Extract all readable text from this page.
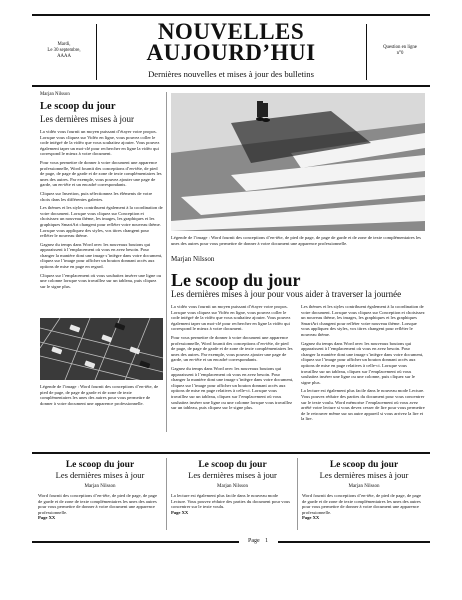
Mardi,
Le 30 septembre,
AAAA
NOUVELLES
AUJOURD’HUI
Dernières nouvelles et mises à jour des bulletins
Question en ligne
n°0
Marjan Nilsson
Le scoop du jour
Les dernières mises à jour
La vidéo vous fournit un moyen puissant d’étayer votre propos. Lorsque vous cliquez sur Vidéo en ligne, vous pouvez coller le code intégré de la vidéo que vous souhaitez ajouter. Vous pouvez également taper un mot-clé pour rechercher en ligne la vidéo qui correspond le mieux à votre document.
Pour vous permettre de donner à votre document une apparence professionnelle, Word fournit des conceptions d’en-tête, de pied de page, de page de garde et de zone de texte complémentaires les unes des autres. Par exemple, vous pouvez ajouter une page de garde, un en-tête et un encadré correspondants.
Cliquez sur Insertion, puis sélectionnez les éléments de votre choix dans les différentes galeries.
Les thèmes et les styles contribuent également à la coordination de votre document. Lorsque vous cliquez sur Conception et choisissez un nouveau thème, les images, les graphiques et les graphiques SmartArt changent pour refléter votre nouveau thème. Lorsque vous appliquez des styles, vos titres changent pour refléter le nouveau thème.
Gagnez du temps dans Word avec les nouveaux boutons qui apparaissent à l’emplacement où vous en avez besoin. Pour changer la manière dont une image s’intègre dans votre document, cliquez sur l’image pour afficher un bouton donnant accès aux options de mise en page en regard.
Cliquez sur l’emplacement où vous souhaitez insérer une ligne ou une colonne lorsque vous travaillez sur un tableau, puis cliquez sur le signe plus.
Légende de l’image : Word fournit des conceptions d’en-tête, de pied de page, de page de garde et de zone de texte complémentaires les unes des autres pour vous permettre de donner à votre document une apparence professionnelle.
Légende de l’image : Word fournit des conceptions d’en-tête, de pied de page, de page de garde et de zone de texte complémentaires les unes des autres pour vous permettre de donner à votre document une apparence professionnelle.
Marjan Nilsson
Le scoop du jour
Les dernières mises à jour pour vous aider à traverser la journée
La vidéo vous fournit un moyen puissant d’étayer votre propos. Lorsque vous cliquez sur Vidéo en ligne, vous pouvez coller le code intégré de la vidéo que vous souhaitez ajouter. Vous pouvez également taper un mot-clé pour rechercher en ligne la vidéo qui correspond le mieux à votre document.
Pour vous permettre de donner à votre document une apparence professionnelle, Word fournit des conceptions d’en-tête, de pied de page, de page de garde et de zone de texte complémentaires les unes des autres. Par exemple, vous pouvez ajouter une page de garde, un en-tête et un encadré correspondants.
Gagnez du temps dans Word avec les nouveaux boutons qui apparaissent à l’emplacement où vous en avez besoin. Pour changer la manière dont une image s’intègre dans votre document, cliquez sur l’image pour afficher un bouton donnant accès aux options de mise en page relatives à celle-ci. Lorsque vous travaillez sur un tableau, cliquez sur l’emplacement où vous souhaitez insérer une ligne ou une colonne lorsque vous travaillez sur un tableau, puis cliquez sur le signe plus.
Les thèmes et les styles contribuent également à la coordination de votre document. Lorsque vous cliquez sur Conception et choisissez un nouveau thème, les images, les graphiques et les graphiques SmartArt changent pour refléter votre nouveau thème. Lorsque vous appliquez des styles, vos titres changent pour refléter le nouveau thème.
Gagnez du temps dans Word avec les nouveaux boutons qui apparaissent à l’emplacement où vous en avez besoin. Pour changer la manière dont une image s’intègre dans votre document, cliquez sur l’image pour afficher un bouton donnant accès aux options de mise en page relatives à celle-ci. Lorsque vous travaillez sur un tableau, cliquez sur l’emplacement où vous souhaitez insérer une ligne ou une colonne, puis cliquez sur le signe plus.
La lecture est également plus facile dans le nouveau mode Lecture. Vous pouvez réduire des parties du document pour vous concentrer sur le texte voulu. Word mémorise l’emplacement où vous avez arrêté votre lecture si vous devez cesser de lire pour vous permettre de le retrouver même sur un autre appareil si vous arrivez la lire et la lire.
Le scoop du jour
Les dernières mises à jour
Marjan Nilsson
Word fournit des conceptions d’en-tête, de pied de page, de page de garde et de zone de texte complémentaires les unes des autres pour vous permettre de donner à votre document une apparence professionnelle.
Page XX
Le scoop du jour
Les dernières mises à jour
Marjan Nilsson
La lecture est également plus facile dans le nouveau mode Lecture. Vous pouvez réduire des parties du document pour vous concentrer sur le texte voulu.
Page XX
Le scoop du jour
Les dernières mises à jour
Marjan Nilsson
Word fournit des conceptions d’en-tête, de pied de page, de page de garde et de zone de texte complémentaires les unes des autres pour vous permettre de donner à votre document une apparence professionnelle.
Page XX
Page 1
